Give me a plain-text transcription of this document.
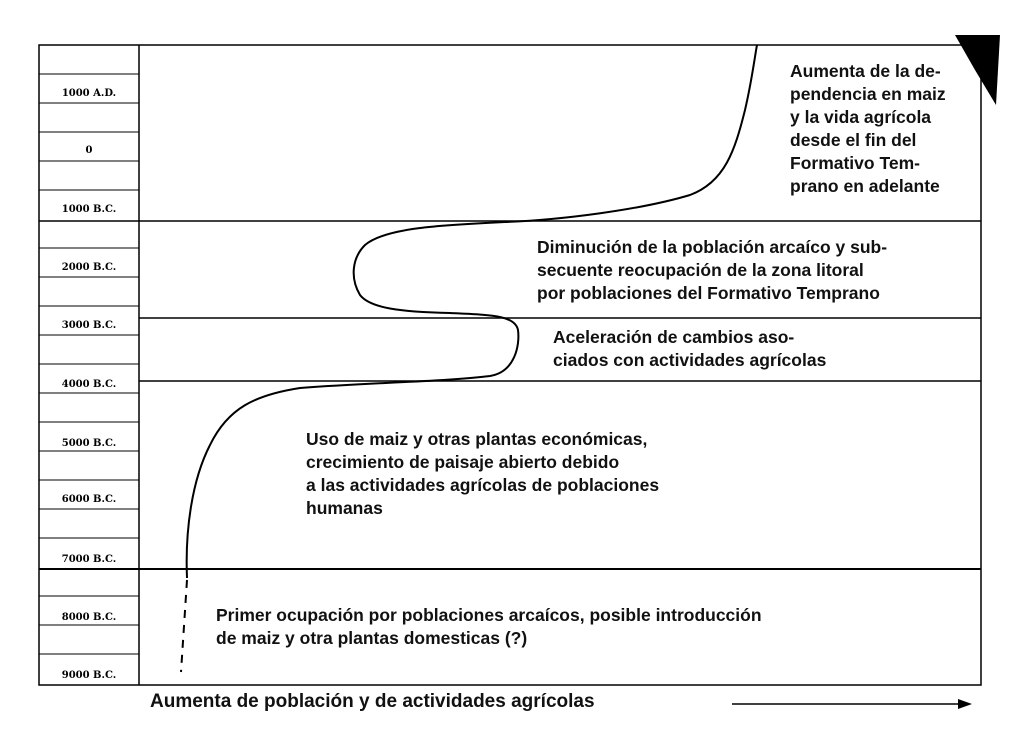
1000 A.D.
0
1000 B.C.
2000 B.C.
3000 B.C.
4000 B.C.
5000 B.C.
6000 B.C.
7000 B.C.
8000 B.C.
9000 B.C.
Aumenta de la de-
pendencia en maiz
y la vida agrícola
desde el fin del
Formativo Tem-
prano en adelante
Diminución de la población arcaíco y sub-
secuente reocupación de la zona litoral
por poblaciones del Formativo Temprano
Aceleración de cambios aso-
ciados con actividades agrícolas
Uso de maiz y otras plantas económicas,
crecimiento de paisaje abierto debido
a las actividades agrícolas de poblaciones
humanas
Primer ocupación por poblaciones arcaícos, posible introducción
de maiz y otra plantas domesticas (?)
Aumenta de población y de actividades agrícolas
